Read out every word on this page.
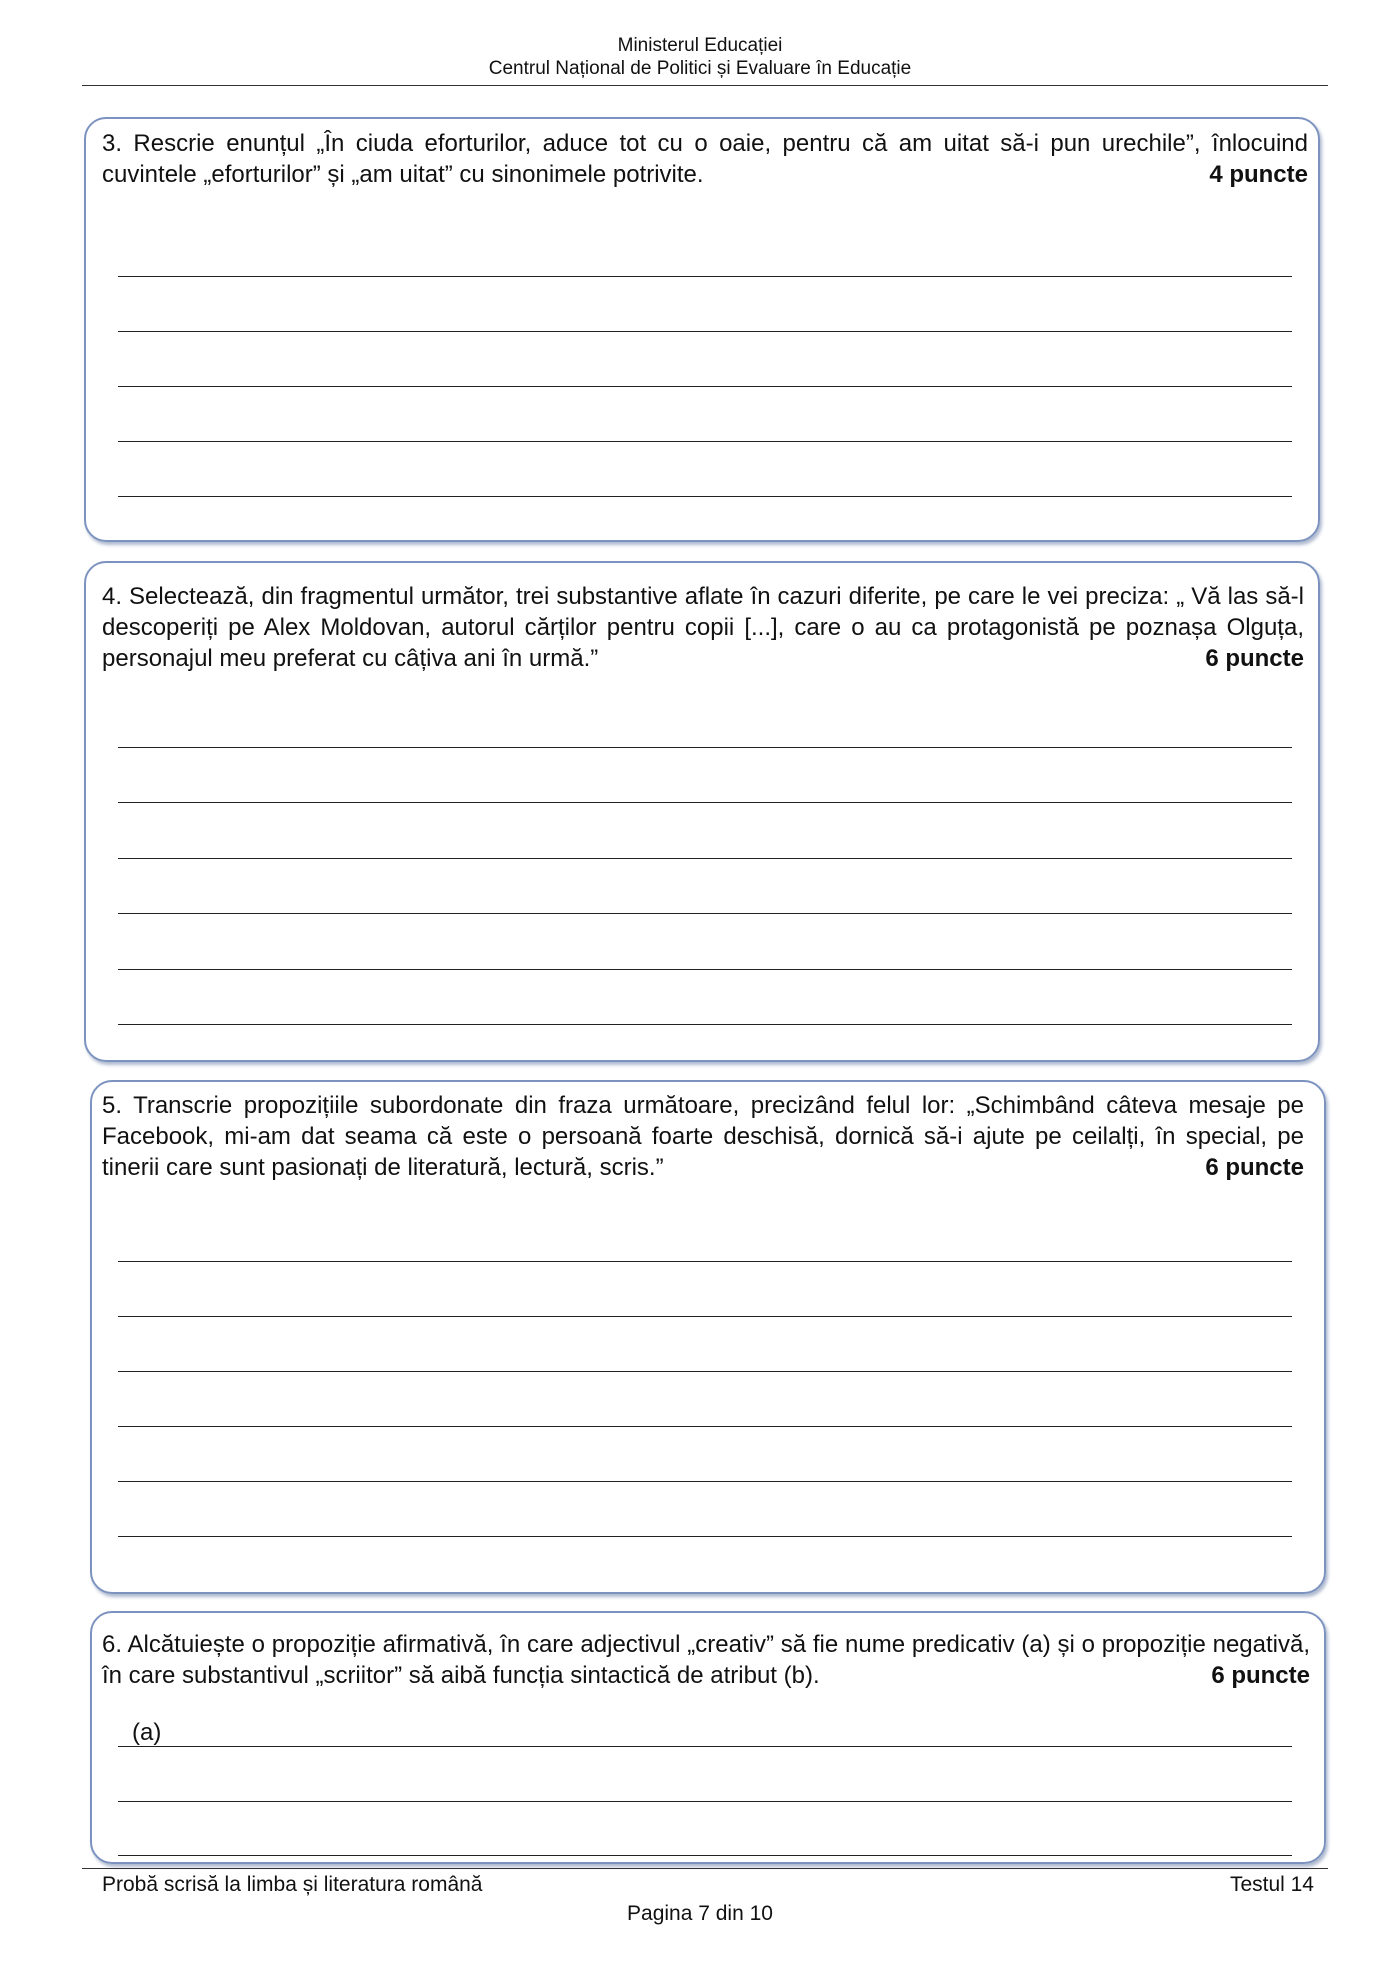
Ministerul Educației
Centrul Național de Politici și Evaluare în Educație
3. Rescrie enunțul „În ciuda eforturilor, aduce tot cu o oaie, pentru că am uitat să-i pun urechile”, înlocuind cuvintele „eforturilor” și „am uitat” cu sinonimele potrivite.	4 puncte
4. Selectează, din fragmentul următor, trei substantive aflate în cazuri diferite, pe care le vei preciza: „ Vă las să-l descoperiți pe Alex Moldovan, autorul cărților pentru copii [...], care o au ca protagonistă pe poznașa Olguța, personajul meu preferat cu câțiva ani în urmă.”	6 puncte
5. Transcrie propozițiile subordonate din fraza următoare, precizând felul lor: „Schimbând câteva mesaje pe Facebook, mi-am dat seama că este o persoană foarte deschisă, dornică să-i ajute pe ceilalți, în special, pe tinerii care sunt pasionați de literatură, lectură, scris.”	6 puncte
6. Alcătuiește o propoziție afirmativă, în care adjectivul „creativ” să fie nume predicativ (a) și o propoziție negativă, în care substantivul „scriitor” să aibă funcția sintactică de atribut (b).	6 puncte
(a)
Probă scrisă la limba și literatura română	Testul 14
Pagina 7 din 10
